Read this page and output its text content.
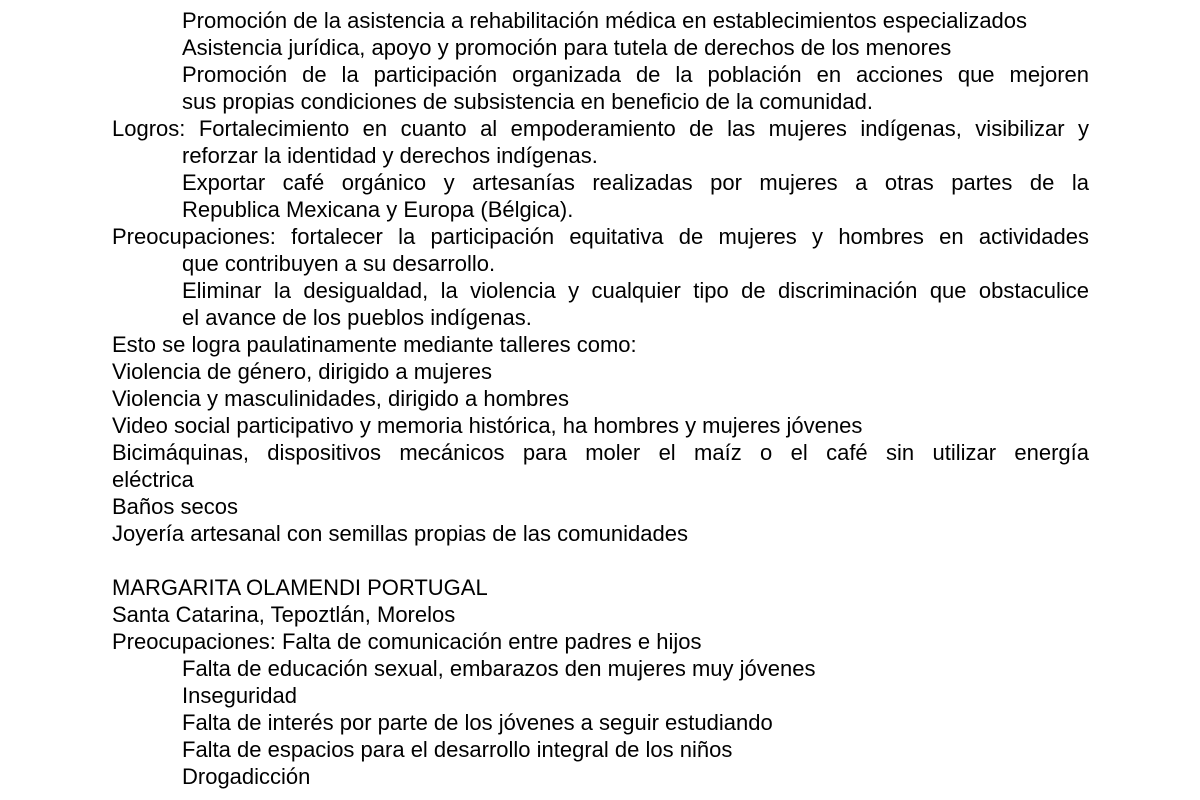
Promoción de la asistencia a rehabilitación médica en establecimientos especializados
Asistencia jurídica, apoyo y promoción para tutela de derechos de los menores
Promoción de la participación organizada de la población en acciones que mejoren
sus propias condiciones de subsistencia en beneficio de la comunidad.
Logros: Fortalecimiento en cuanto al empoderamiento de las mujeres indígenas, visibilizar y
reforzar la identidad y derechos indígenas.
Exportar café orgánico y artesanías realizadas por mujeres a otras partes de la
Republica Mexicana y Europa (Bélgica).
Preocupaciones: fortalecer la participación equitativa de mujeres y hombres en actividades
que contribuyen a su desarrollo.
Eliminar la desigualdad, la violencia y cualquier tipo de discriminación que obstaculice
el avance de los pueblos indígenas.
Esto se logra paulatinamente mediante talleres como:
Violencia de género, dirigido a mujeres
Violencia y masculinidades, dirigido a hombres
Video social participativo y memoria histórica, ha hombres y mujeres jóvenes
Bicimáquinas, dispositivos mecánicos para moler el maíz o el café sin utilizar energía
eléctrica
Baños secos
Joyería artesanal con semillas propias de las comunidades
MARGARITA OLAMENDI PORTUGAL
Santa Catarina, Tepoztlán, Morelos
Preocupaciones: Falta de comunicación entre padres e hijos
Falta de educación sexual, embarazos den mujeres muy jóvenes
Inseguridad
Falta de interés por parte de los jóvenes a seguir estudiando
Falta de espacios para el desarrollo integral de los niños
Drogadicción
